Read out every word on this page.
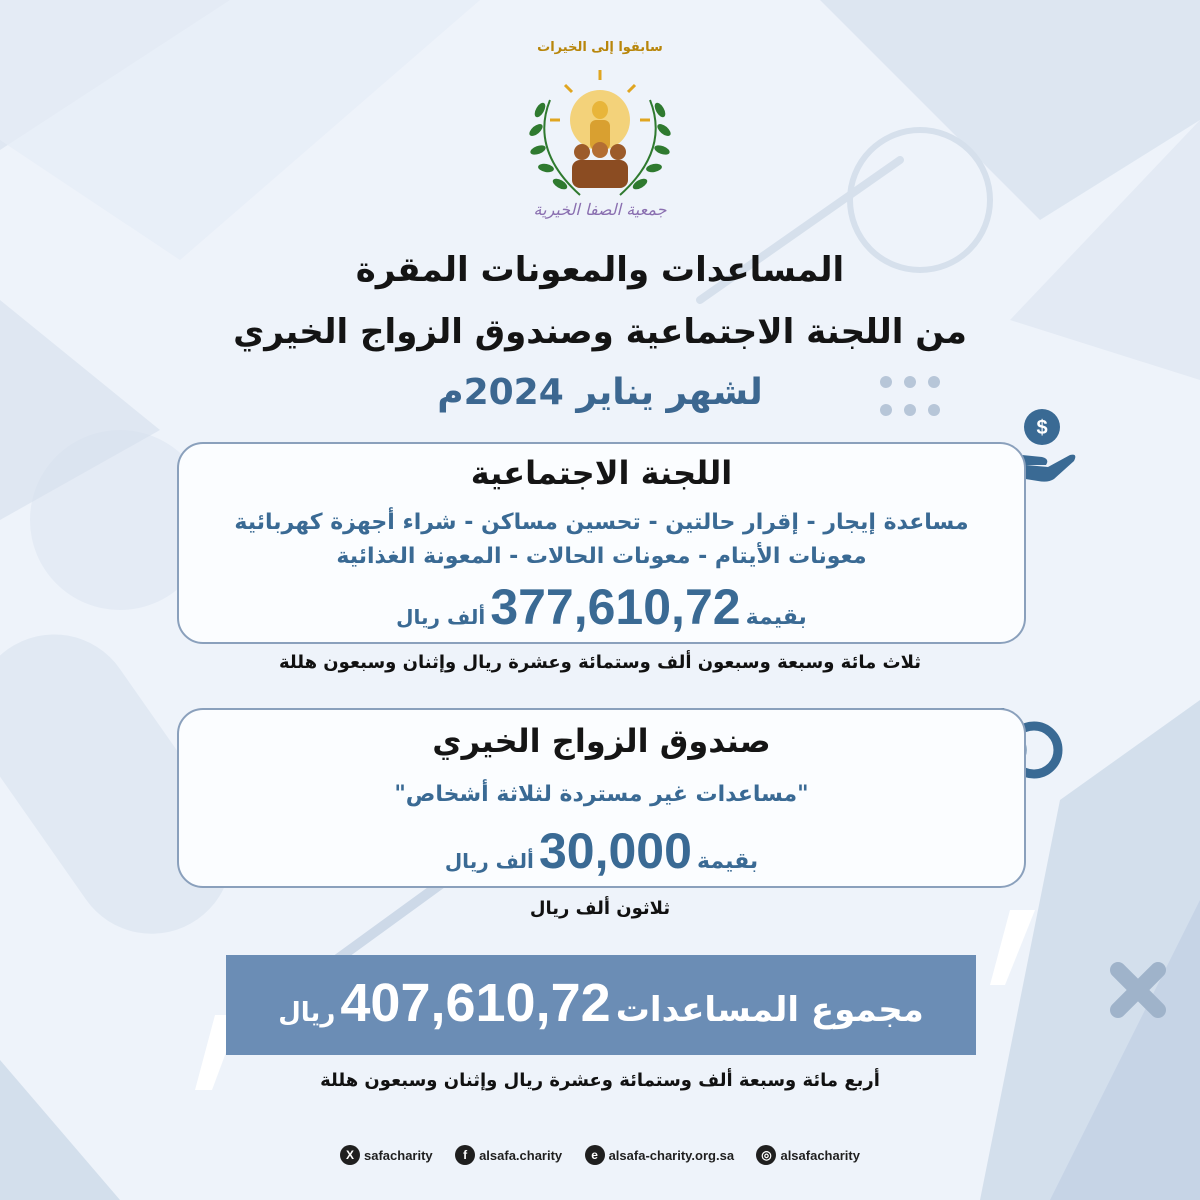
سابقوا إلى الخيرات
جمعية الصفا الخيرية
المساعدات والمعونات المقرة
من اللجنة الاجتماعية وصندوق الزواج الخيري
لشهر يناير 2024م
$
اللجنة الاجتماعية
مساعدة إيجار - إقرار حالتين - تحسين مساكن - شراء أجهزة كهربائية
معونات الأيتام - معونات الحالات - المعونة الغذائية
بقيمة 377,610,72 ألف ريال
ثلاث مائة وسبعة وسبعون ألف وستمائة وعشرة ريال وإثنان وسبعون هللة
صندوق الزواج الخيري
"مساعدات غير مستردة لثلاثة أشخاص"
بقيمة 30,000 ألف ريال
ثلاثون ألف ريال
مجموع المساعدات 407,610,72 ريال
أربع مائة وسبعة ألف وستمائة وعشرة ريال وإثنان وسبعون هللة
X safacharity	f alsafa.charity	e alsafa-charity.org.sa	◎ alsafacharity
